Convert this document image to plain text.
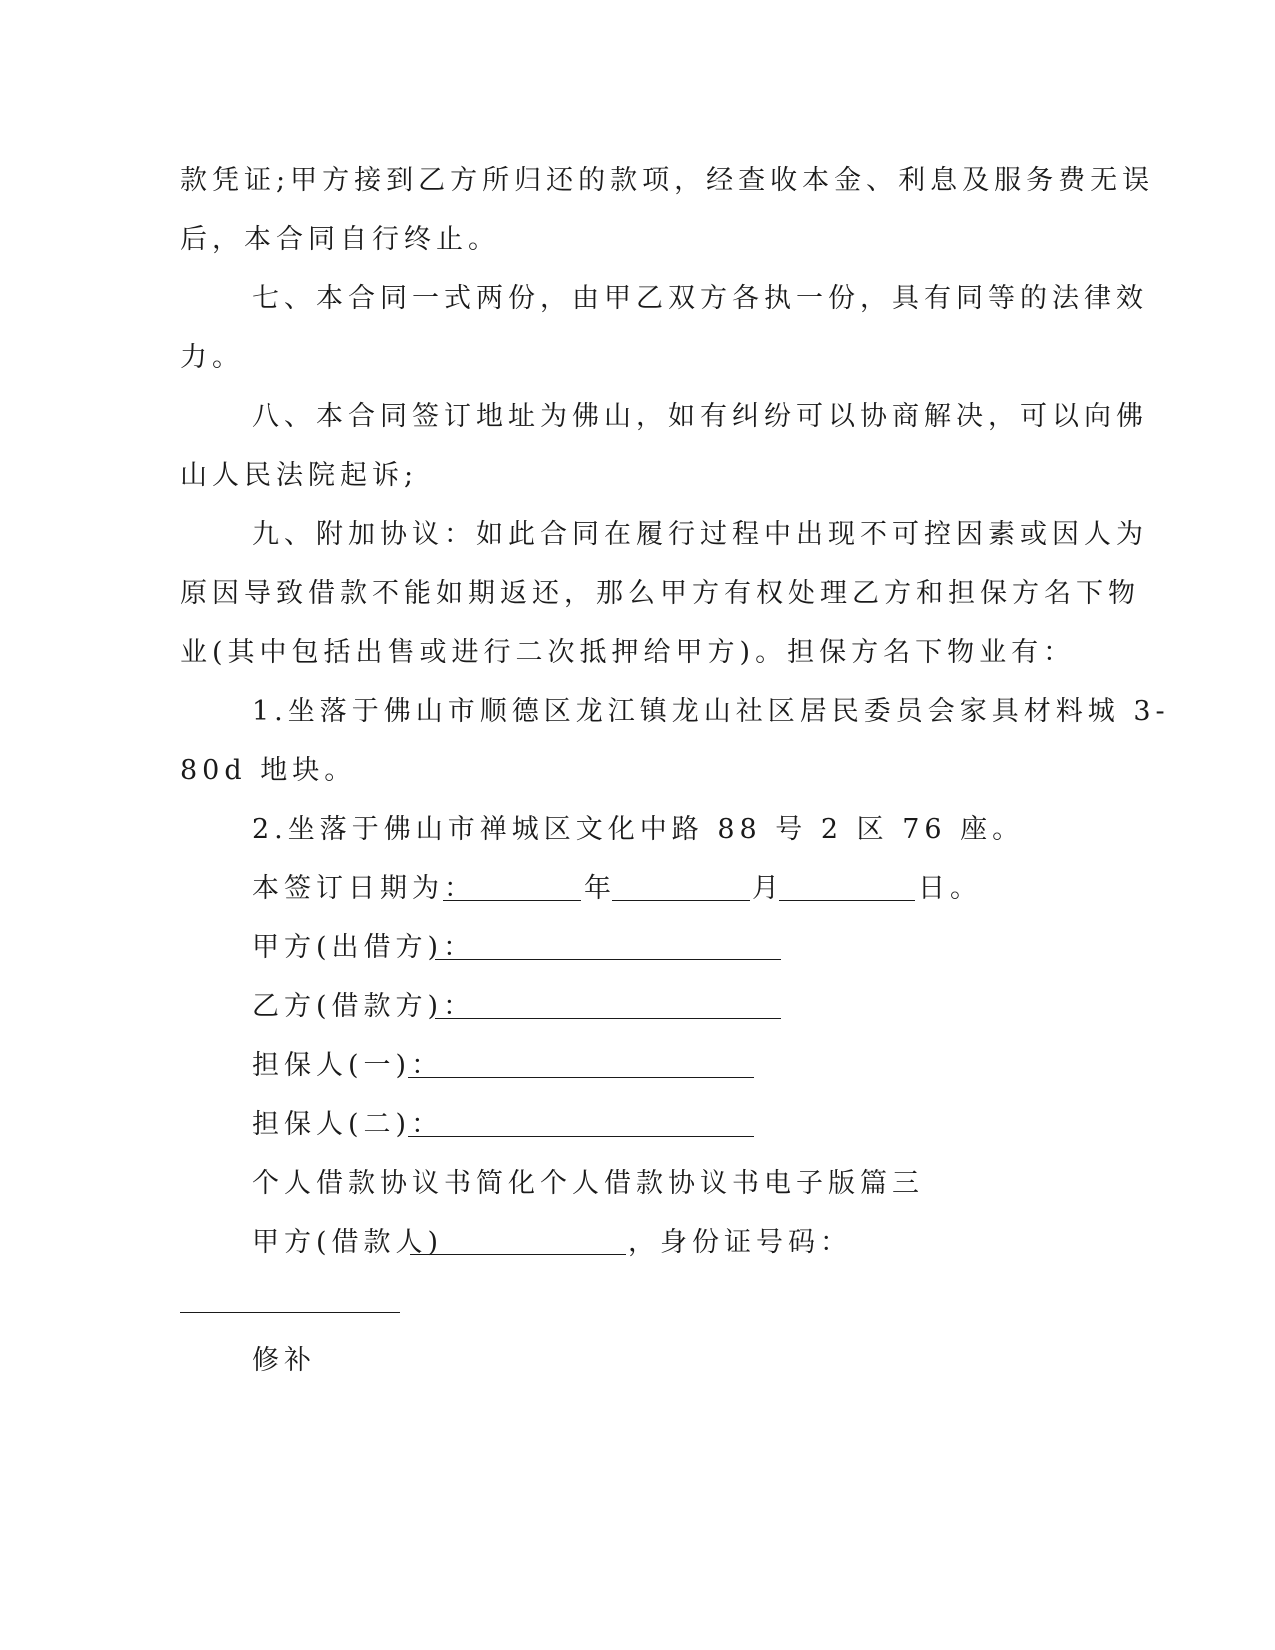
款凭证;甲方接到乙方所归还的款项，经查收本金、利息及服务费无误
后，本合同自行终止。
七、本合同一式两份，由甲乙双方各执一份，具有同等的法律效
力。
八、本合同签订地址为佛山，如有纠纷可以协商解决，可以向佛
山人民法院起诉;
九、附加协议：如此合同在履行过程中出现不可控因素或因人为
原因导致借款不能如期返还，那么甲方有权处理乙方和担保方名下物
业(其中包括出售或进行二次抵押给甲方)。担保方名下物业有：
1.坐落于佛山市顺德区龙江镇龙山社区居民委员会家具材料城 3-
80d 地块。
2.坐落于佛山市禅城区文化中路 88 号 2 区 76 座。
本签订日期为：	年	月	日。
甲方(出借方)：
乙方(借款方)：
担保人(一)：
担保人(二)：
个人借款协议书简化个人借款协议书电子版篇三
甲方(借款人)	，身份证号码：
修补
